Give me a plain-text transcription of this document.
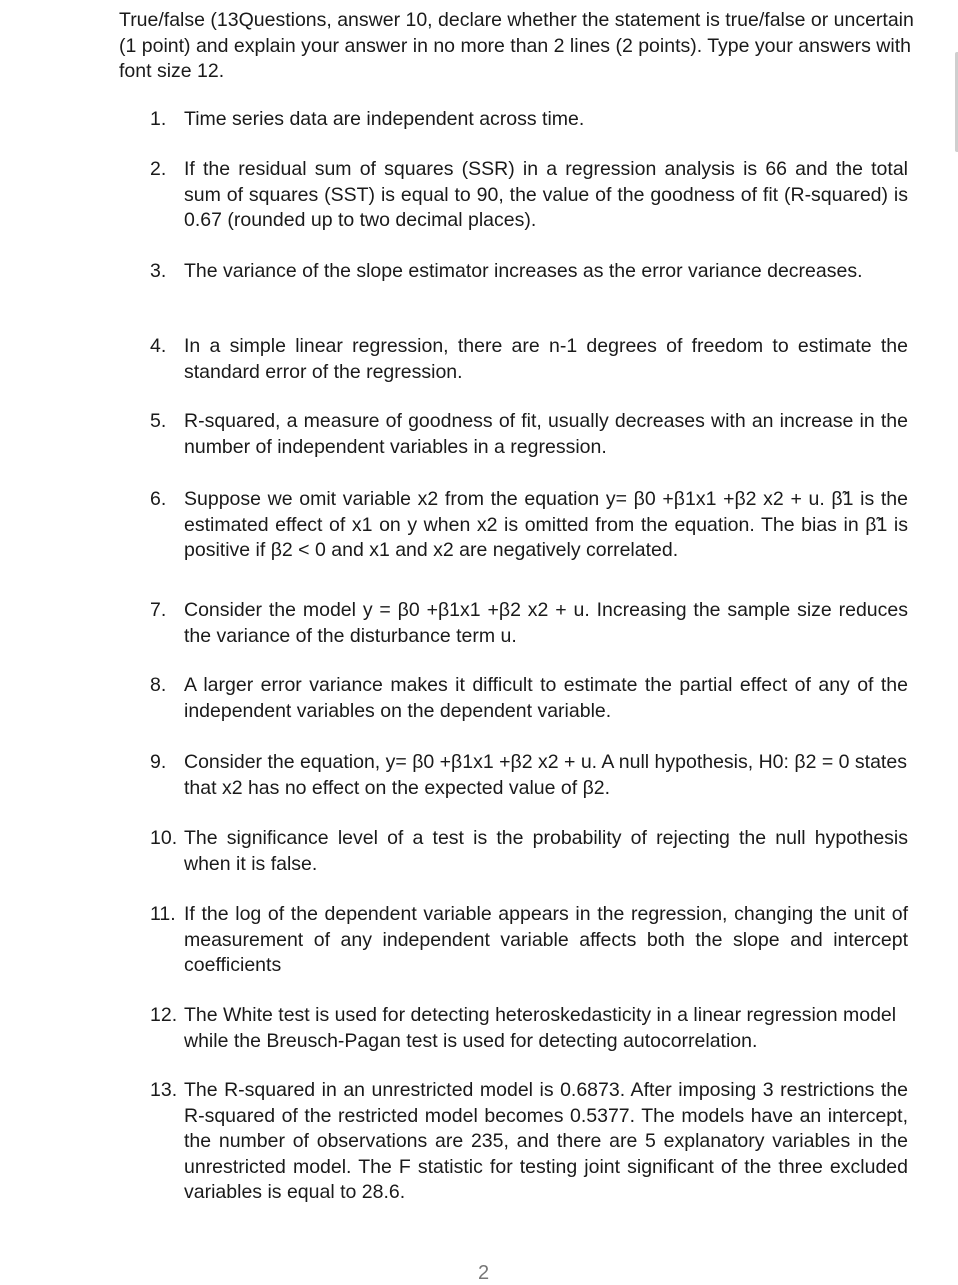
True/false (13Questions, answer 10, declare whether the statement is true/false or uncertain (1 point) and explain your answer in no more than 2 lines (2 points). Type your answers with font size 12.
1. Time series data are independent across time.
2. If the residual sum of squares (SSR) in a regression analysis is 66 and the total sum of squares (SST) is equal to 90, the value of the goodness of fit (R-squared) is 0.67 (rounded up to two decimal places).
3. The variance of the slope estimator increases as the error variance decreases.
4. In a simple linear regression, there are n-1 degrees of freedom to estimate the standard error of the regression.
5. R-squared, a measure of goodness of fit, usually decreases with an increase in the number of independent variables in a regression.
6. Suppose we omit variable x2 from the equation y= β0 +β1x1 +β2 x2 + u. β̃1 is the estimated effect of x1 on y when x2 is omitted from the equation. The bias in β̃1 is positive if β2 < 0 and x1 and x2 are negatively correlated.
7. Consider the model y = β0 +β1x1 +β2 x2 + u. Increasing the sample size reduces the variance of the disturbance term u.
8. A larger error variance makes it difficult to estimate the partial effect of any of the independent variables on the dependent variable.
9. Consider the equation, y= β0 +β1x1 +β2 x2 + u. A null hypothesis, H0: β2 = 0 states that x2 has no effect on the expected value of β2.
10. The significance level of a test is the probability of rejecting the null hypothesis when it is false.
11. If the log of the dependent variable appears in the regression, changing the unit of measurement of any independent variable affects both the slope and intercept coefficients
12. The White test is used for detecting heteroskedasticity in a linear regression model while the Breusch-Pagan test is used for detecting autocorrelation.
13. The R-squared in an unrestricted model is 0.6873. After imposing 3 restrictions the R-squared of the restricted model becomes 0.5377. The models have an intercept, the number of observations are 235, and there are 5 explanatory variables in the unrestricted model. The F statistic for testing joint significant of the three excluded variables is equal to 28.6.
2
